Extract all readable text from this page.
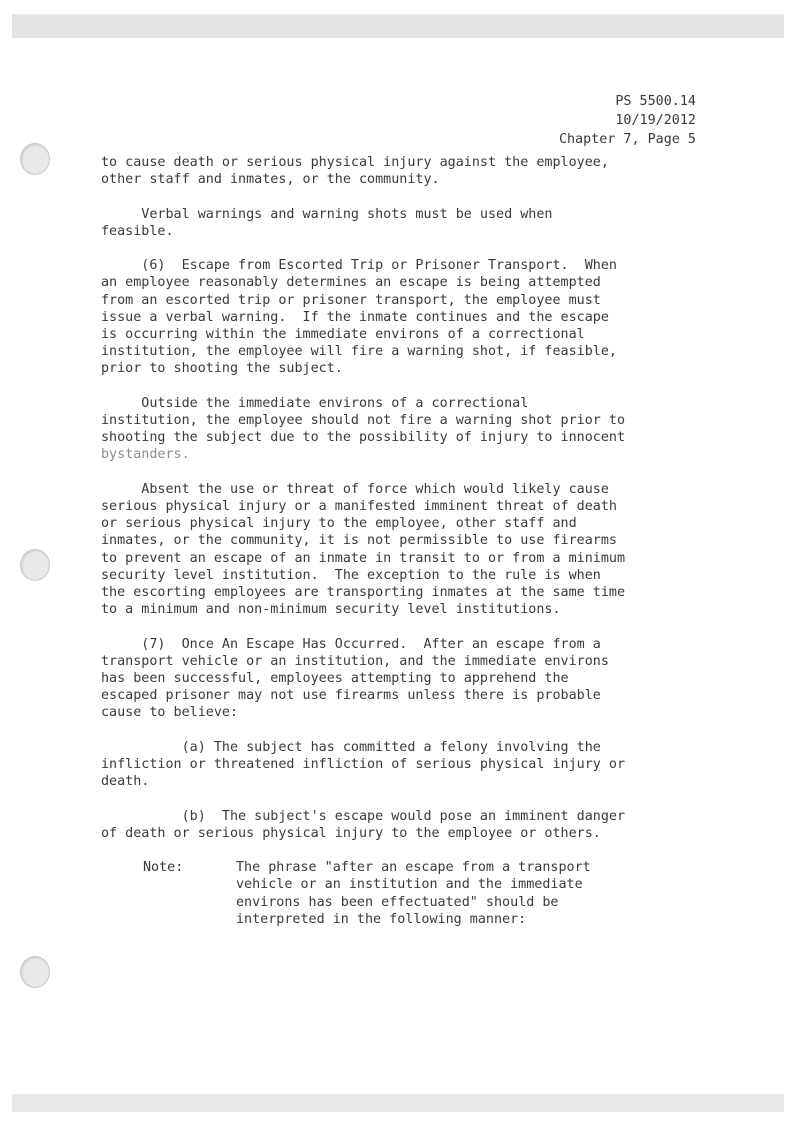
PS 5500.14
10/19/2012
Chapter 7, Page 5
to cause death or serious physical injury against the employee,
other staff and inmates, or the community.
Verbal warnings and warning shots must be used when
feasible.
(6)  Escape from Escorted Trip or Prisoner Transport.  When
an employee reasonably determines an escape is being attempted
from an escorted trip or prisoner transport, the employee must
issue a verbal warning.  If the inmate continues and the escape
is occurring within the immediate environs of a correctional
institution, the employee will fire a warning shot, if feasible,
prior to shooting the subject.
Outside the immediate environs of a correctional
institution, the employee should not fire a warning shot prior to
shooting the subject due to the possibility of injury to innocent
bystanders.
Absent the use or threat of force which would likely cause
serious physical injury or a manifested imminent threat of death
or serious physical injury to the employee, other staff and
inmates, or the community, it is not permissible to use firearms
to prevent an escape of an inmate in transit to or from a minimum
security level institution.  The exception to the rule is when
the escorting employees are transporting inmates at the same time
to a minimum and non-minimum security level institutions.
(7)  Once An Escape Has Occurred.  After an escape from a
transport vehicle or an institution, and the immediate environs
has been successful, employees attempting to apprehend the
escaped prisoner may not use firearms unless there is probable
cause to believe:
(a) The subject has committed a felony involving the
infliction or threatened infliction of serious physical injury or
death.
(b)  The subject's escape would pose an imminent danger
of death or serious physical injury to the employee or others.
Note:	The phrase "after an escape from a transport
vehicle or an institution and the immediate
environs has been effectuated" should be
interpreted in the following manner:
